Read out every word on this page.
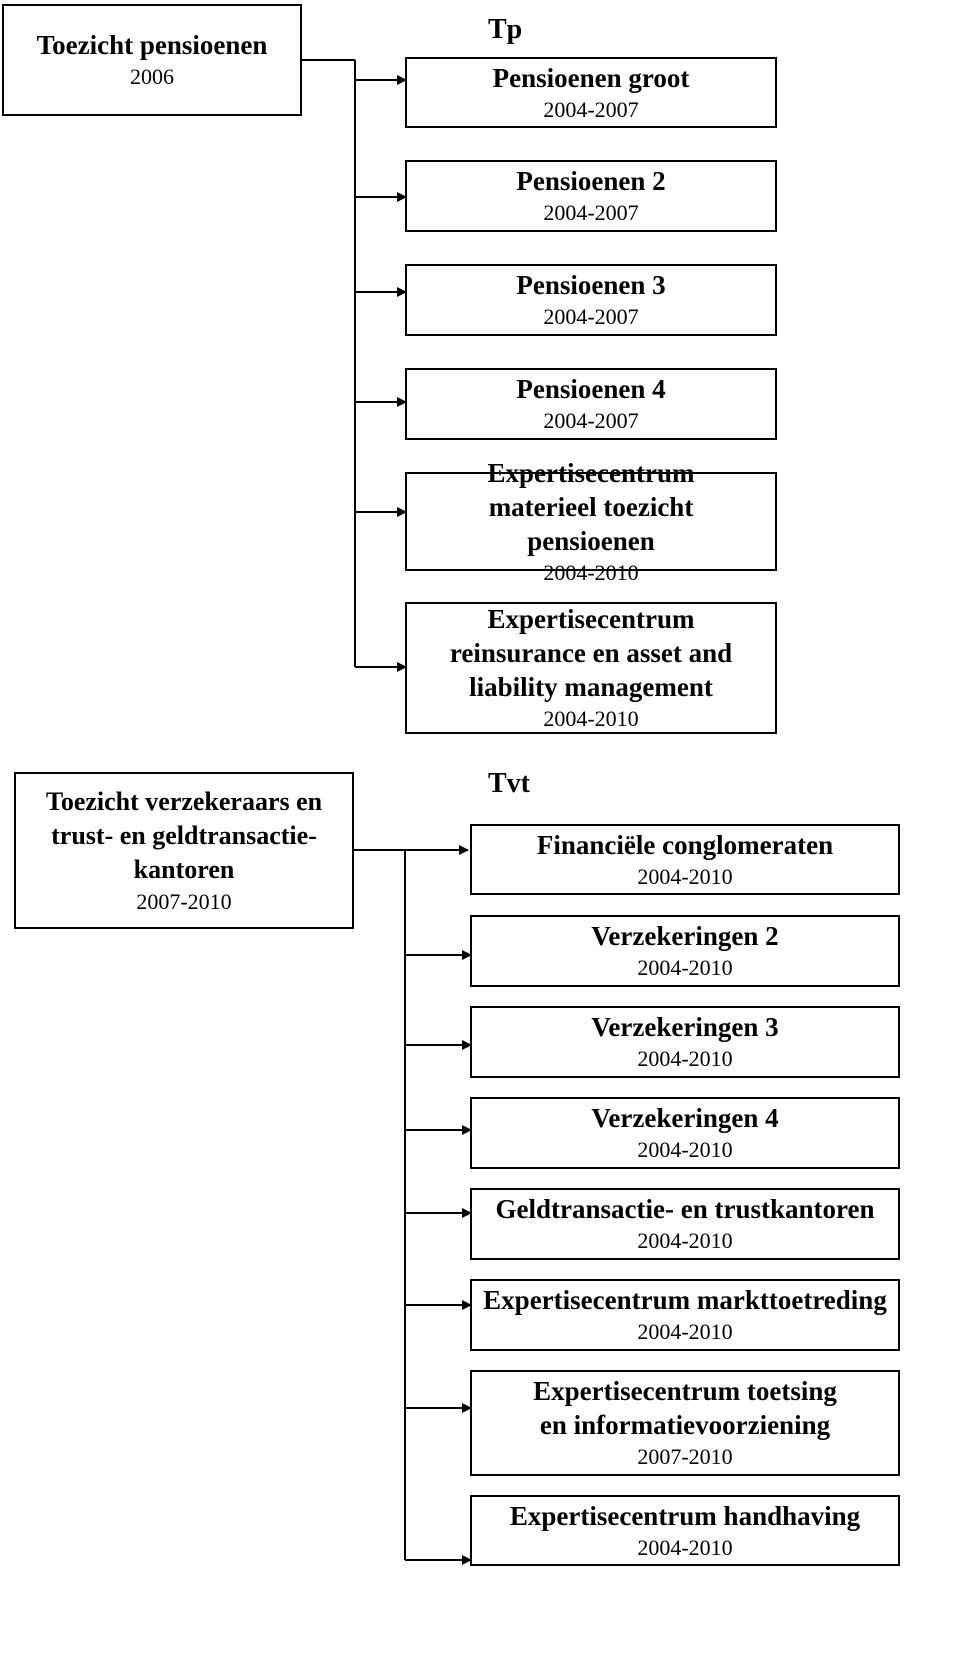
Tp
Toezicht pensioenen
2006	Pensioenen groot
2004-2007
Pensioenen 2
2004-2007
Pensioenen 3
2004-2007
Pensioenen 4
2004-2007
Expertisecentrum materieel toezicht pensioenen
2004-2010
Expertisecentrum reinsurance en asset and liability management
2004-2010
Tvt
Toezicht verzekeraars en trust- en geldtransactie-kantoren
2007-2010
Financiële conglomeraten
2004-2010
Verzekeringen 2
2004-2010
Verzekeringen 3
2004-2010
Verzekeringen 4
2004-2010
Geldtransactie- en trustkantoren
2004-2010
Expertisecentrum markttoetreding
2004-2010
Expertisecentrum toetsing en informatievoorziening
2007-2010
Expertisecentrum handhaving
2004-2010
